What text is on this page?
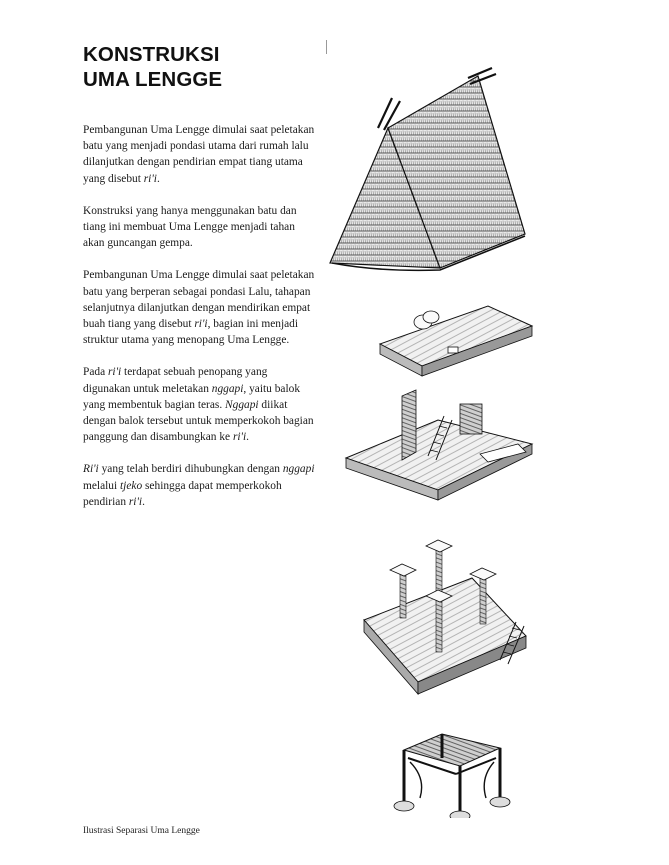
KONSTRUKSI
UMA LENGGE

Pembangunan Uma Lengge dimulai saat peletakan batu yang menjadi pondasi utama dari rumah lalu dilanjutkan dengan pendirian empat tiang utama yang disebut ri'i.

Konstruksi yang hanya menggunakan batu dan tiang ini membuat Uma Lengge menjadi tahan akan guncangan gempa.

Pembangunan Uma Lengge dimulai saat peletakan batu yang berperan sebagai pondasi Lalu, tahapan selanjutnya dilanjutkan dengan mendirikan empat buah tiang yang disebut ri'i, bagian ini menjadi struktur utama yang menopang Uma Lengge.

Pada ri'i terdapat sebuah penopang yang digunakan untuk meletakan nggapi, yaitu balok yang membentuk bagian teras. Nggapi diikat dengan balok tersebut untuk memperkokoh bagian panggung dan disambungkan ke ri'i.

Ri'i yang telah berdiri dihubungkan dengan nggapi melalui tjeko sehingga dapat memperkokoh pendirian ri'i.

Ilustrasi Separasi Uma Lengge
